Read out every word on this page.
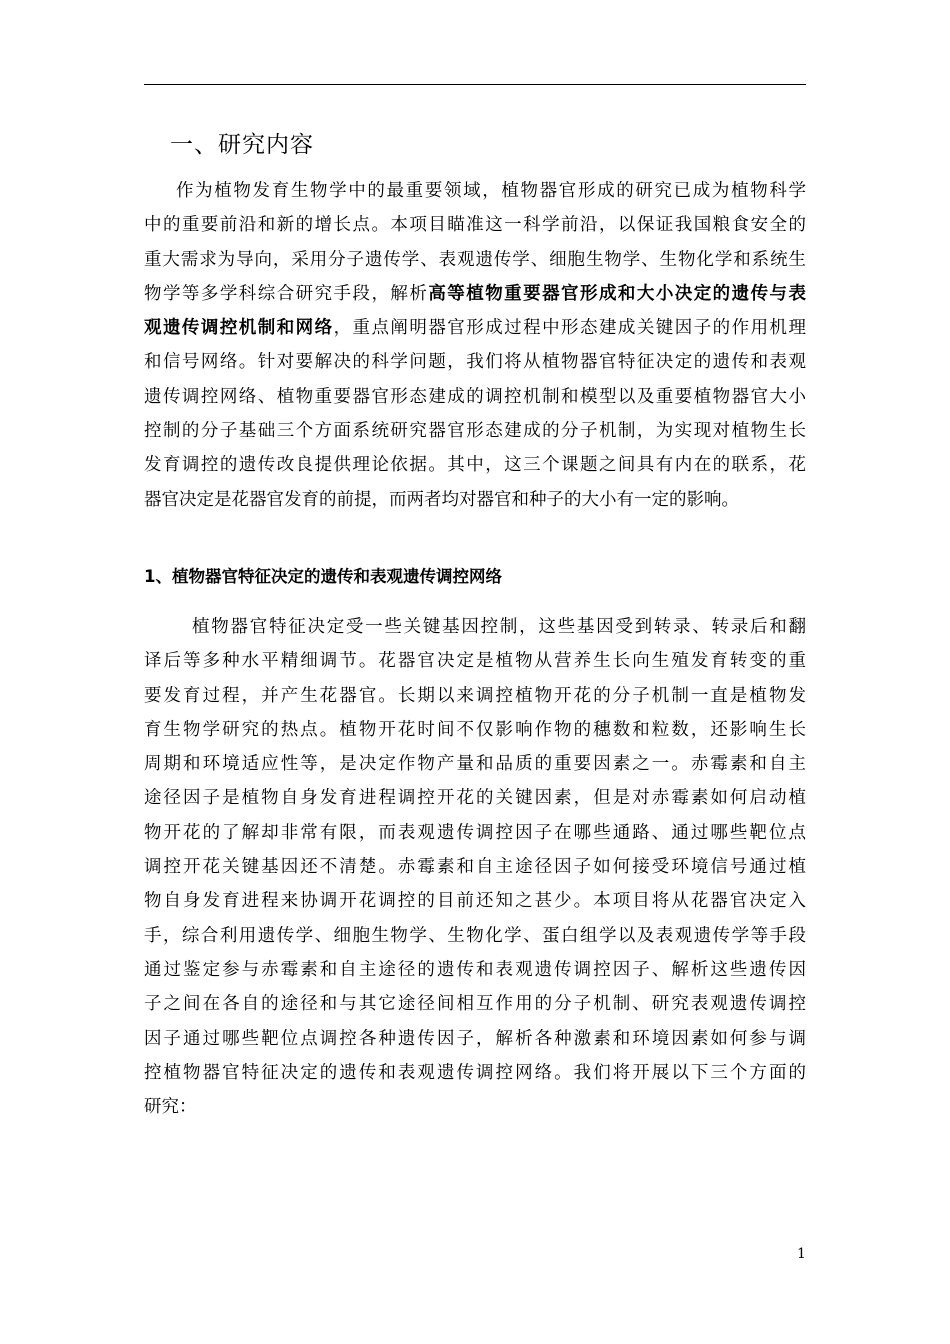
一、研究内容

作为植物发育生物学中的最重要领域，植物器官形成的研究已成为植物科学
中的重要前沿和新的增长点。本项目瞄准这一科学前沿，以保证我国粮食安全的
重大需求为导向，采用分子遗传学、表观遗传学、细胞生物学、生物化学和系统生
物学等多学科综合研究手段，解析高等植物重要器官形成和大小决定的遗传与表
观遗传调控机制和网络，重点阐明器官形成过程中形态建成关键因子的作用机理
和信号网络。针对要解决的科学问题，我们将从植物器官特征决定的遗传和表观
遗传调控网络、植物重要器官形态建成的调控机制和模型以及重要植物器官大小
控制的分子基础三个方面系统研究器官形态建成的分子机制，为实现对植物生长
发育调控的遗传改良提供理论依据。其中，这三个课题之间具有内在的联系，花
器官决定是花器官发育的前提，而两者均对器官和种子的大小有一定的影响。

1、植物器官特征决定的遗传和表观遗传调控网络

植物器官特征决定受一些关键基因控制，这些基因受到转录、转录后和翻
译后等多种水平精细调节。花器官决定是植物从营养生长向生殖发育转变的重
要发育过程，并产生花器官。长期以来调控植物开花的分子机制一直是植物发
育生物学研究的热点。植物开花时间不仅影响作物的穗数和粒数，还影响生长
周期和环境适应性等，是决定作物产量和品质的重要因素之一。赤霉素和自主
途径因子是植物自身发育进程调控开花的关键因素，但是对赤霉素如何启动植
物开花的了解却非常有限，而表观遗传调控因子在哪些通路、通过哪些靶位点
调控开花关键基因还不清楚。赤霉素和自主途径因子如何接受环境信号通过植
物自身发育进程来协调开花调控的目前还知之甚少。本项目将从花器官决定入
手，综合利用遗传学、细胞生物学、生物化学、蛋白组学以及表观遗传学等手段
通过鉴定参与赤霉素和自主途径的遗传和表观遗传调控因子、解析这些遗传因
子之间在各自的途径和与其它途径间相互作用的分子机制、研究表观遗传调控
因子通过哪些靶位点调控各种遗传因子，解析各种激素和环境因素如何参与调
控植物器官特征决定的遗传和表观遗传调控网络。我们将开展以下三个方面的
研究：

1
